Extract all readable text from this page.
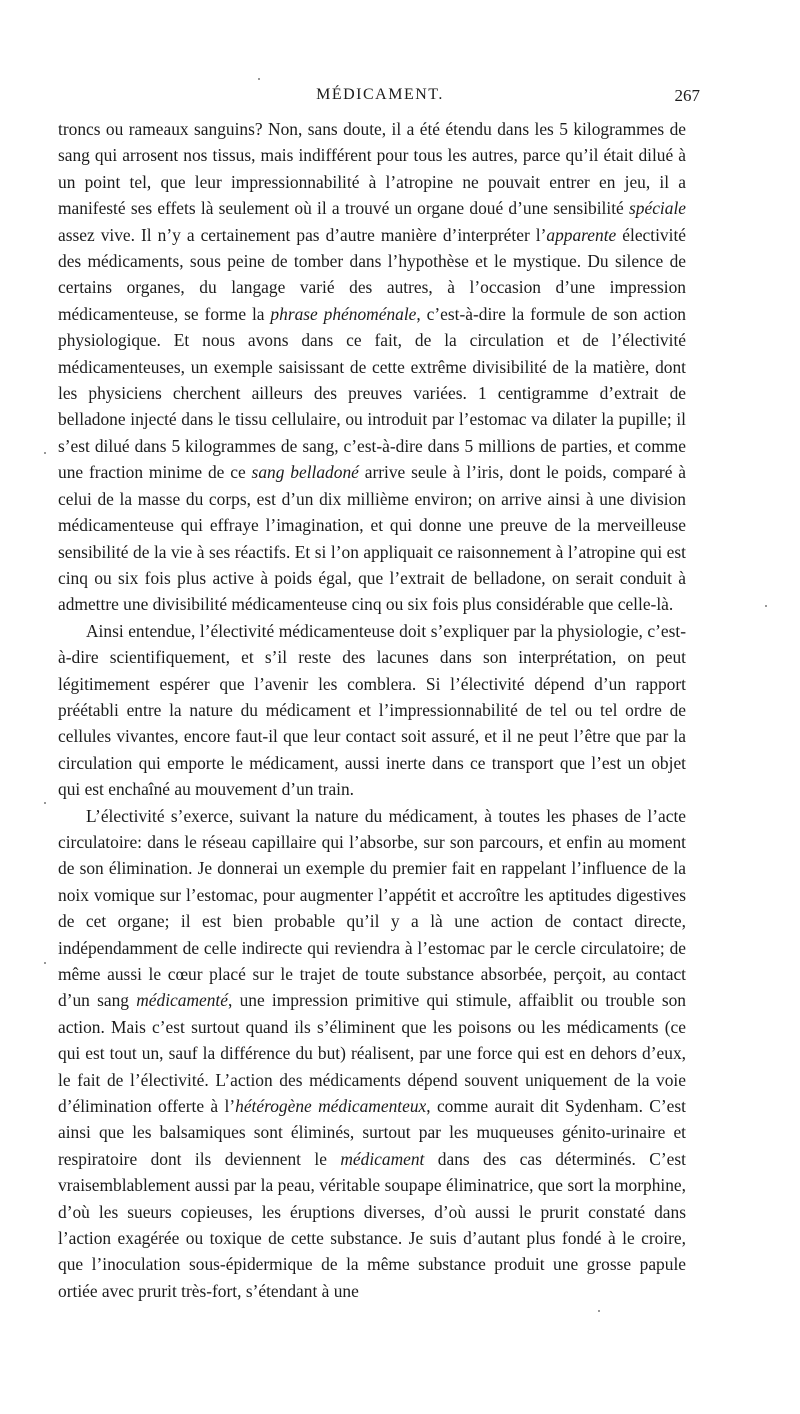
MÉDICAMENT.	267

troncs ou rameaux sanguins? Non, sans doute, il a été étendu dans les 5 kilogrammes de sang qui arrosent nos tissus, mais indifférent pour tous les autres, parce qu’il était dilué à un point tel, que leur impressionnabilité à l’atropine ne pouvait entrer en jeu, il a manifesté ses effets là seulement où il a trouvé un organe doué d’une sensibilité spéciale assez vive. Il n’y a certainement pas d’autre manière d’interpréter l’apparente électivité des médicaments, sous peine de tomber dans l’hypothèse et le mystique. Du silence de certains organes, du langage varié des autres, à l’occasion d’une impression médicamenteuse, se forme la phrase phénoménale, c’est-à-dire la formule de son action physiologique. Et nous avons dans ce fait, de la circulation et de l’électivité médicamenteuses, un exemple saisissant de cette extrême divisibilité de la matière, dont les physiciens cherchent ailleurs des preuves variées. 1 centigramme d’extrait de belladone injecté dans le tissu cellulaire, ou introduit par l’estomac va dilater la pupille; il s’est dilué dans 5 kilogrammes de sang, c’est-à-dire dans 5 millions de parties, et comme une fraction minime de ce sang belladoné arrive seule à l’iris, dont le poids, comparé à celui de la masse du corps, est d’un dix millième environ; on arrive ainsi à une division médicamenteuse qui effraye l’imagination, et qui donne une preuve de la merveilleuse sensibilité de la vie à ses réactifs. Et si l’on appliquait ce raisonnement à l’atropine qui est cinq ou six fois plus active à poids égal, que l’extrait de belladone, on serait conduit à admettre une divisibilité médicamenteuse cinq ou six fois plus considérable que celle-là.

Ainsi entendue, l’électivité médicamenteuse doit s’expliquer par la physiologie, c’est-à-dire scientifiquement, et s’il reste des lacunes dans son interprétation, on peut légitimement espérer que l’avenir les comblera. Si l’électivité dépend d’un rapport préétabli entre la nature du médicament et l’impressionnabilité de tel ou tel ordre de cellules vivantes, encore faut-il que leur contact soit assuré, et il ne peut l’être que par la circulation qui emporte le médicament, aussi inerte dans ce transport que l’est un objet qui est enchaîné au mouvement d’un train.

L’électivité s’exerce, suivant la nature du médicament, à toutes les phases de l’acte circulatoire: dans le réseau capillaire qui l’absorbe, sur son parcours, et enfin au moment de son élimination. Je donnerai un exemple du premier fait en rappelant l’influence de la noix vomique sur l’estomac, pour augmenter l’appétit et accroître les aptitudes digestives de cet organe; il est bien probable qu’il y a là une action de contact directe, indépendamment de celle indirecte qui reviendra à l’estomac par le cercle circulatoire; de même aussi le cœur placé sur le trajet de toute substance absorbée, perçoit, au contact d’un sang médicamenté, une impression primitive qui stimule, affaiblit ou trouble son action. Mais c’est surtout quand ils s’éliminent que les poisons ou les médicaments (ce qui est tout un, sauf la différence du but) réalisent, par une force qui est en dehors d’eux, le fait de l’électivité. L’action des médicaments dépend souvent uniquement de la voie d’élimination offerte à l’hétérogène médicamenteux, comme aurait dit Sydenham. C’est ainsi que les balsamiques sont éliminés, surtout par les muqueuses génito-urinaire et respiratoire dont ils deviennent le médicament dans des cas déterminés. C’est vraisemblablement aussi par la peau, véritable soupape éliminatrice, que sort la morphine, d’où les sueurs copieuses, les éruptions diverses, d’où aussi le prurit constaté dans l’action exagérée ou toxique de cette substance. Je suis d’autant plus fondé à le croire, que l’inoculation sous-épidermique de la même substance produit une grosse papule ortiée avec prurit très-fort, s’étendant à une
